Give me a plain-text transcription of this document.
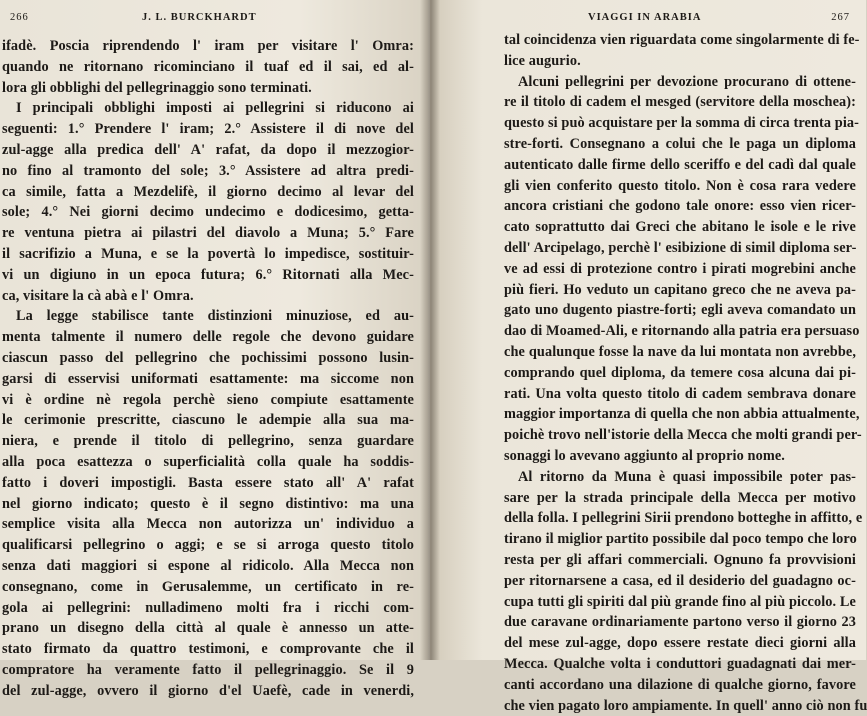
266	J. L. BURCKHARDT
ifadè. Poscia riprendendo l' iram per visitare l' Omra:
quando ne ritornano ricominciano il tuaf ed il sai, ed al-
lora gli obblighi del pellegrinaggio sono terminati.
I principali obblighi imposti ai pellegrini si riducono ai
seguenti: 1.° Prendere l' iram; 2.° Assistere il di nove del
zul-agge alla predica dell' A' rafat, da dopo il mezzogior-
no fino al tramonto del sole; 3.° Assistere ad altra predi-
ca simile, fatta a Mezdelifè, il giorno decimo al levar del
sole; 4.° Nei giorni decimo undecimo e dodicesimo, getta-
re ventuna pietra ai pilastri del diavolo a Muna; 5.° Fare
il sacrifizio a Muna, e se la povertà lo impedisce, sostituir-
vi un digiuno in un epoca futura; 6.° Ritornati alla Mec-
ca, visitare la cà abà e l' Omra.
La legge stabilisce tante distinzioni minuziose, ed au-
menta talmente il numero delle regole che devono guidare
ciascun passo del pellegrino che pochissimi possono lusin-
garsi di esservisi uniformati esattamente: ma siccome non
vi è ordine nè regola perchè sieno compiute esattamente
le cerimonie prescritte, ciascuno le adempie alla sua ma-
niera, e prende il titolo di pellegrino, senza guardare
alla poca esattezza o superficialità colla quale ha soddis-
fatto i doveri impostigli. Basta essere stato all' A' rafat
nel giorno indicato; questo è il segno distintivo: ma una
semplice visita alla Mecca non autorizza un' individuo a
qualificarsi pellegrino o aggi; e se si arroga questo titolo
senza dati maggiori si espone al ridicolo. Alla Mecca non
consegnano, come in Gerusalemme, un certificato in re-
gola ai pellegrini: nulladimeno molti fra i ricchi com-
prano un disegno della città al quale è annesso un atte-
stato firmato da quattro testimoni, e comprovante che il
compratore ha veramente fatto il pellegrinaggio. Se il 9
del zul-agge, ovvero il giorno d'el Uaefè, cade in venerdi,
VIAGGI IN ARABIA	267
tal coincidenza vien riguardata come singolarmente di fe-
lice augurio.
Alcuni pellegrini per devozione procurano di ottene-
re il titolo di cadem el mesged (servitore della moschea):
questo si può acquistare per la somma di circa trenta pia-
stre-forti. Consegnano a colui che le paga un diploma
autenticato dalle firme dello sceriffo e del cadì dal quale
gli vien conferito questo titolo. Non è cosa rara vedere
ancora cristiani che godono tale onore: esso vien ricer-
cato soprattutto dai Greci che abitano le isole e le rive
dell' Arcipelago, perchè l' esibizione di simil diploma ser-
ve ad essi di protezione contro i pirati mogrebini anche
più fieri. Ho veduto un capitano greco che ne aveva pa-
gato uno dugento piastre-forti; egli aveva comandato un
dao di Moamed-Ali, e ritornando alla patria era persuaso
che qualunque fosse la nave da lui montata non avrebbe,
comprando quel diploma, da temere cosa alcuna dai pi-
rati. Una volta questo titolo di cadem sembrava donare
maggior importanza di quella che non abbia attualmente,
poichè trovo nell'istorie della Mecca che molti grandi per-
sonaggi lo avevano aggiunto al proprio nome.
Al ritorno da Muna è quasi impossibile poter pas-
sare per la strada principale della Mecca per motivo
della folla. I pellegrini Sirii prendono botteghe in affitto, e
tirano il miglior partito possibile dal poco tempo che loro
resta per gli affari commerciali. Ognuno fa provvisioni
per ritornarsene a casa, ed il desiderio del guadagno oc-
cupa tutti gli spiriti dal più grande fino al più piccolo. Le
due caravane ordinariamente partono verso il giorno 23
del mese zul-agge, dopo essere restate dieci giorni alla
Mecca. Qualche volta i conduttori guadagnati dai mer-
canti accordano una dilazione di qualche giorno, favore
che vien pagato loro ampiamente. In quell' anno ciò non fu
